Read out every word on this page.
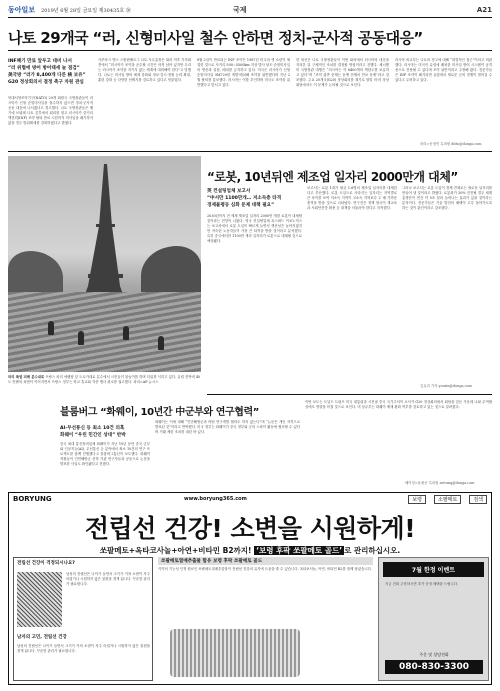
동아일보 2019년 6월 28일 금요일 제30435호 ㉚	국제	A21
나토 29개국 “러, 신형미사일 철수 안하면 정치-군사적 공동대응”
INF폐기 만료 앞두고 대비 나서
“러 위협에 방어 방어태세 늘 점검”
美국방 “러가 8,400개 다른 核 보유”
G20 정상회의서 결정 촉구 차원 관심
북대서양조약기구(NATO) 29개 회원국 국방장관들이 러시아가 신형 순항미사일을 철수하지 않으면 정치·군사적 공동 대응에 나서겠다고 경고했다. 나토 국방장관들은 벨기에 브뤼셀 나토 본부에서 회의를 열고 러시아가 중거리핵전력(INF) 조약 탈퇴 만료 시한까지 미사일을 폐기하지 않을 경우 방위태세를 강화하겠다고 밝혔다.
사쿠라크 옌스 스톨텐베르그 나토 사무총장은 회의 직후 기자회견에서 “러시아가 조약을 준수할 시간은 아직 남아 있지만 우리는 러시아가 조약을 지키지 않는 세계에 대비해야 한다”고 말했다. 나토는 미사일 방어 체계 강화와 정보·감시·정찰 능력 확대, 훈련 강화 등 다양한 선택지를 검토하고 있다고 덧붙였다.
8월 2일이 만료되는 INF 조약은 1987년 미국과 옛 소련이 체결한 것으로 사거리 500∼5500km 지상 발사 탄도·순항미사일의 생산과 실험, 배치를 금지하고 있다. 미국은 러시아가 신형 순항미사일 9M729를 개발·배치해 조약을 위반했다며 지난 2월 탈퇴를 통보했다. 러시아는 이를 부인하며 미국도 조약을 위반했다고 맞서고 있다.
한 외신은 나토 국방장관들이 이번 회의에서 러시아의 대응을 지켜본 뒤 구체적인 조치를 결정할 방침이라고 전했다. 셰너핸 미 국방장관 대행은 “러시아는 약 8400개의 핵탄두를 보유하고 있다”며 “조약 위반 문제는 동맹 전체의 안보 문제”라고 강조했다. 주요 20개국(G20) 정상회의를 계기로 열릴 미-러 정상회담에서도 이 문제가 논의될 것으로 보인다.
러시아 외교부는 나토의 경고에 대해 “대결적인 접근”이라고 비판했다. 러시아는 미국이 유럽에 배치한 미사일 방어 시스템이 공격용으로 전용될 수 있다며 조약 위반이라고 주장해 왔다. 전문가들은 INF 조약이 폐기되면 유럽에서 새로운 군비 경쟁이 벌어질 수 있다고 우려하고 있다.
파리=동정민 특파원 ditto@donga.com
파리 폭염 피해 분수대로 프랑스 파리 에펠탑 앞 트로카데로 분수에서 시민들이 물놀이를 하며 더위를 식히고 있다. 유럽 전역에 40도 안팎의 폭염이 이어지면서 프랑스 정부는 학교 휴교와 각종 행사 취소를 권고했다. 파리=AP 뉴시스
“로봇, 10년뒤엔 제조업 일자리 2000만개 대체”
英 컨설팅업체 보고서
“中서만 1100만개… 저소득층 타격
경제불평등 심화 문제 대책 필요”
2030년까지 전 세계 제조업 일자리 2000만 개를 로봇이 대체할 것이라는 전망이 나왔다. 영국 컨설팅업체 옥스퍼드 이코노믹스는 보고서에서 로봇 도입이 빠르게 늘면서 생산성은 높아지겠지만 저숙련 노동자들이 가장 큰 타격을 받을 것이라고 분석했다. 특히 중국에서만 1100만 개의 일자리가 로봇으로 대체될 것으로 예상됐다.
보고서는 로봇 1대가 평균 1.6명의 제조업 일자리를 대체한다고 추산했다. 로봇 도입으로 사라지는 일자리는 지역별로 큰 차이를 보여 저소득 지역이 고소득 지역보다 두 배 가까운 충격을 받을 것으로 나타났다. 연구진은 정책 당국이 재교육과 사회안전망 확충 등 대책을 서둘러야 한다고 지적했다.
그러나 보고서는 로봇 도입이 경제 전체로는 새로운 일자리를 만들어 낼 것이라고 밝혔다. 로봇화가 30% 진전될 경우 세계 총생산이 연간 약 5조 달러 늘어나는 효과가 있을 것이라는 분석이다. 전문가들은 기술 발전의 혜택이 고루 돌아가도록 하는 것이 관건이라고 강조했다.
김유리 기자 yourin@donga.com
블룸버그 “화웨이, 10년간 中군부와 연구협력”
AI-무선통신 등 최소 10건 의혹
화웨이 “우린 민간인 상대” 반박
중국 최대 통신장비업체 화웨이가 지난 10년 동안 중국 군부와 인공지능(AI), 무선통신 등 분야에서 최소 10건의 연구 프로젝트를 함께 진행했다고 블룸버그통신이 보도했다. 화웨이 직원들이 인민해방군 산하 기관 연구자들과 공동으로 논문을 발표한 사실도 확인됐다고 전했다.
화웨이는 이에 대해 “인민해방군과 어떤 연구개발 협력도 하지 않는다”며 “논문은 개인 자격으로 발표된 것”이라고 반박했다. 미국 정부는 화웨이가 중국 정부와 군의 스파이 활동에 협조할 수 있다며 거래 제한 조치를 내린 바 있다.
이번 보도는 도널드 트럼프 미국 대통령과 시진핑 중국 국가주석이 오사카 G20 정상회의에서 회담을 앞둔 가운데 나와 무역협상에도 영향을 미칠 것으로 보인다. 미 상무부는 화웨이 제재 완화 여부를 검토하고 있는 것으로 알려졌다.
베이징=윤완준 특파원 zeitung@donga.com
BORYUNG	www.boryung365.com	보령	소팔메토	검색
전립선 건강! 소변을 시원하게!
쏘팔메토+옥타코사놀+아연+비타민 B2까지! ‘보령 후팍 쏘팔메토 골드’ 로 관리하십시오.
전립선 건강이 걱정되시나요?
남성의 전립선은 나이가 들면서 크기가 커져 소변이 자주 마렵거나 시원하지 않은 불편을 겪게 됩니다. 꾸준한 관리가 필요합니다.
남자의 고민, 전립선 건강
남성의 전립선은 나이가 들면서 크기가 커져 소변이 자주 마렵거나 시원하지 않은 불편을 겪게 됩니다. 꾸준한 관리가 필요합니다.
쏘팔메토열매추출물 함유 보령 후팍 쏘팔메토 골드
식약처 기능성 인정 원료인 쏘팔메토열매추출물이 전립선 건강의 유지에 도움을 줄 수 있습니다. 옥타코사놀, 아연, 비타민 B2를 함께 담았습니다.	7월 한정 이벤트
지금 전화 주문하시면 추가 증정 혜택을 드립니다.
주문 및 상담전화
080-830-3300
